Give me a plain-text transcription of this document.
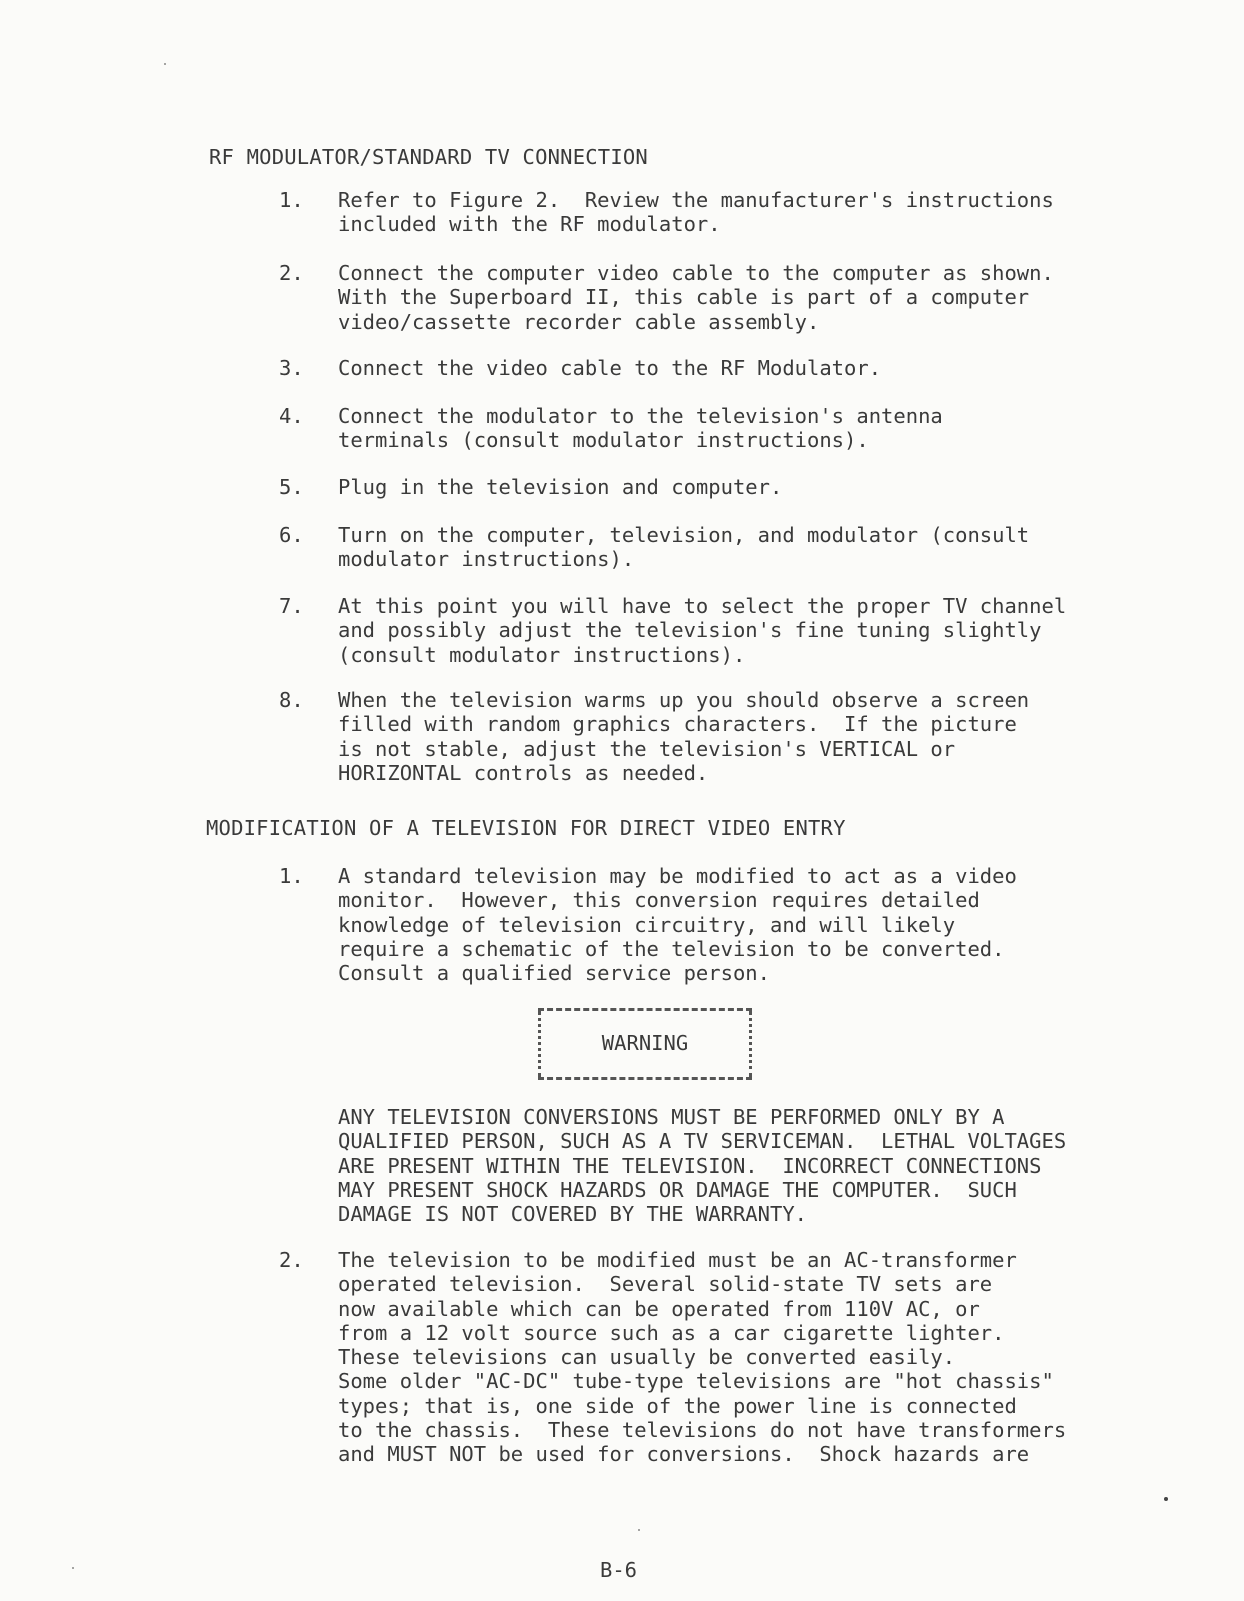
RF MODULATOR/STANDARD TV CONNECTION
1. Refer to Figure 2.  Review the manufacturer's instructions
included with the RF modulator.
2. Connect the computer video cable to the computer as shown.
With the Superboard II, this cable is part of a computer
video/cassette recorder cable assembly.
3. Connect the video cable to the RF Modulator.
4. Connect the modulator to the television's antenna
terminals (consult modulator instructions).
5. Plug in the television and computer.
6. Turn on the computer, television, and modulator (consult
modulator instructions).
7. At this point you will have to select the proper TV channel
and possibly adjust the television's fine tuning slightly
(consult modulator instructions).
8. When the television warms up you should observe a screen
filled with random graphics characters.  If the picture
is not stable, adjust the television's VERTICAL or
HORIZONTAL controls as needed.
MODIFICATION OF A TELEVISION FOR DIRECT VIDEO ENTRY
1. A standard television may be modified to act as a video
monitor.  However, this conversion requires detailed
knowledge of television circuitry, and will likely
require a schematic of the television to be converted.
Consult a qualified service person.
WARNING
ANY TELEVISION CONVERSIONS MUST BE PERFORMED ONLY BY A
QUALIFIED PERSON, SUCH AS A TV SERVICEMAN.  LETHAL VOLTAGES
ARE PRESENT WITHIN THE TELEVISION.  INCORRECT CONNECTIONS
MAY PRESENT SHOCK HAZARDS OR DAMAGE THE COMPUTER.  SUCH
DAMAGE IS NOT COVERED BY THE WARRANTY.
2. The television to be modified must be an AC-transformer
operated television.  Several solid-state TV sets are
now available which can be operated from 110V AC, or
from a 12 volt source such as a car cigarette lighter.
These televisions can usually be converted easily.
Some older "AC-DC" tube-type televisions are "hot chassis"
types; that is, one side of the power line is connected
to the chassis.  These televisions do not have transformers
and MUST NOT be used for conversions.  Shock hazards are
B-6
